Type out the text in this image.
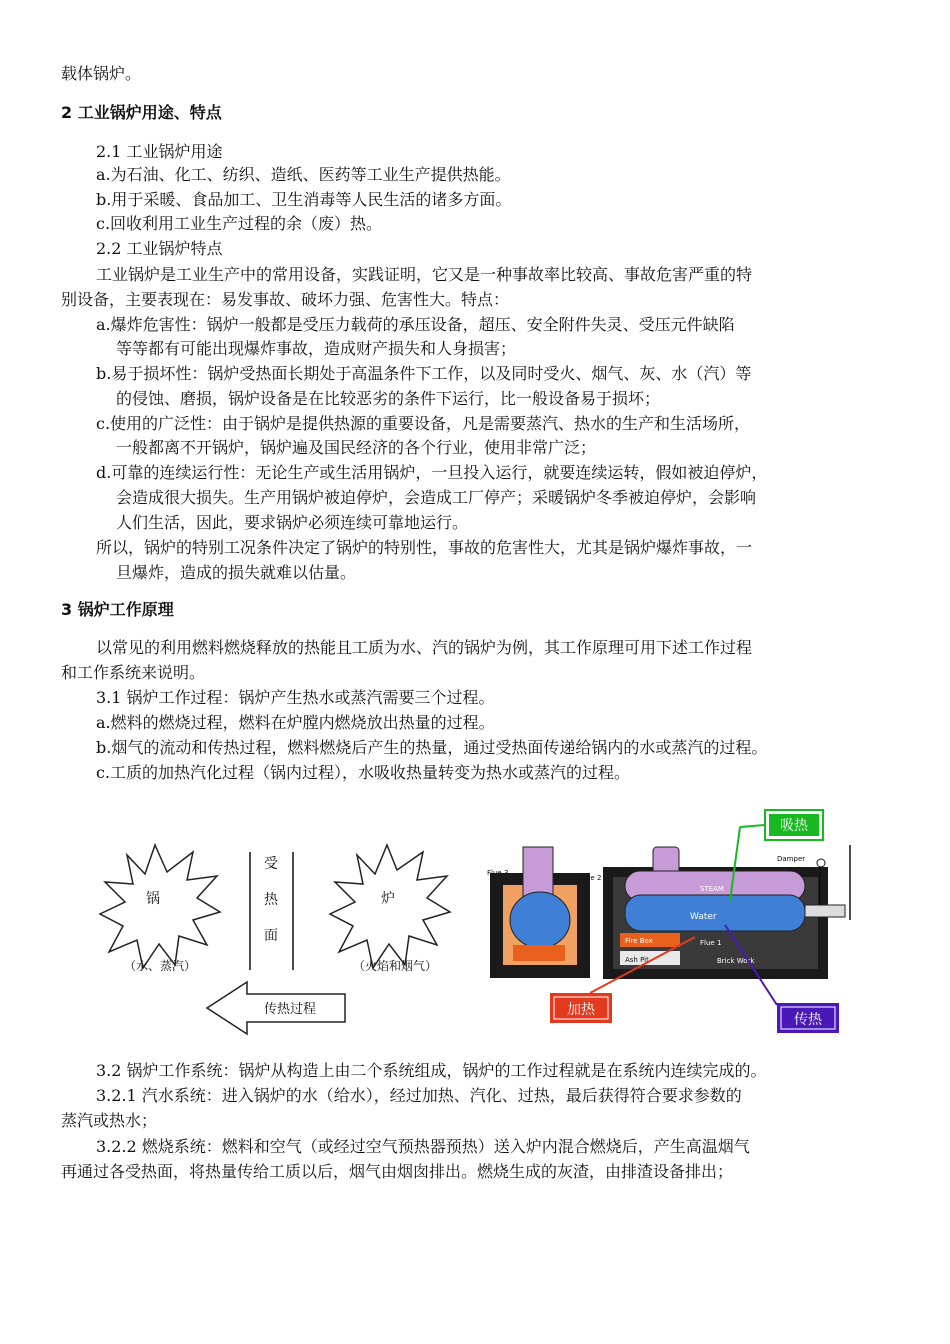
载体锅炉。
2 工业锅炉用途、特点
2.1 工业锅炉用途
a.为石油、化工、纺织、造纸、医药等工业生产提供热能。
b.用于采暖、食品加工、卫生消毒等人民生活的诸多方面。
c.回收利用工业生产过程的余（废）热。
2.2 工业锅炉特点
工业锅炉是工业生产中的常用设备，实践证明，它又是一种事故率比较高、事故危害严重的特
别设备，主要表现在：易发事故、破坏力强、危害性大。特点：
a.爆炸危害性：锅炉一般都是受压力载荷的承压设备，超压、安全附件失灵、受压元件缺陷
等等都有可能出现爆炸事故，造成财产损失和人身损害；
b.易于损坏性：锅炉受热面长期处于高温条件下工作，以及同时受火、烟气、灰、水（汽）等
的侵蚀、磨损，锅炉设备是在比较恶劣的条件下运行，比一般设备易于损坏；
c.使用的广泛性：由于锅炉是提供热源的重要设备，凡是需要蒸汽、热水的生产和生活场所，
一般都离不开锅炉，锅炉遍及国民经济的各个行业，使用非常广泛；
d.可靠的连续运行性：无论生产或生活用锅炉，一旦投入运行，就要连续运转，假如被迫停炉，
会造成很大损失。生产用锅炉被迫停炉，会造成工厂停产；采暖锅炉冬季被迫停炉，会影响
人们生活，因此，要求锅炉必须连续可靠地运行。
所以，锅炉的特别工况条件决定了锅炉的特别性，事故的危害性大，尤其是锅炉爆炸事故，一
旦爆炸，造成的损失就难以估量。
3 锅炉工作原理
以常见的利用燃料燃烧释放的热能且工质为水、汽的锅炉为例，其工作原理可用下述工作过程
和工作系统来说明。
3.1 锅炉工作过程：锅炉产生热水或蒸汽需要三个过程。
a.燃料的燃烧过程，燃料在炉膛内燃烧放出热量的过程。
b.烟气的流动和传热过程，燃料燃烧后产生的热量，通过受热面传递给锅内的水或蒸汽的过程。
c.工质的加热汽化过程（锅内过程），水吸收热量转变为热水或蒸汽的过程。
锅
（水、蒸汽）
受
热
面
炉
（火焰和烟气）
传热过程
Flue 3
Flue 2
STEAM
Water
Fire Box
Ash Pit
Flue 1
Brick Work
Damper
吸热
加热
传热
3.2 锅炉工作系统：锅炉从构造上由二个系统组成，锅炉的工作过程就是在系统内连续完成的。
3.2.1 汽水系统：进入锅炉的水（给水），经过加热、汽化、过热，最后获得符合要求参数的
蒸汽或热水；
3.2.2 燃烧系统：燃料和空气（或经过空气预热器预热）送入炉内混合燃烧后，产生高温烟气
再通过各受热面，将热量传给工质以后，烟气由烟囱排出。燃烧生成的灰渣，由排渣设备排出；
